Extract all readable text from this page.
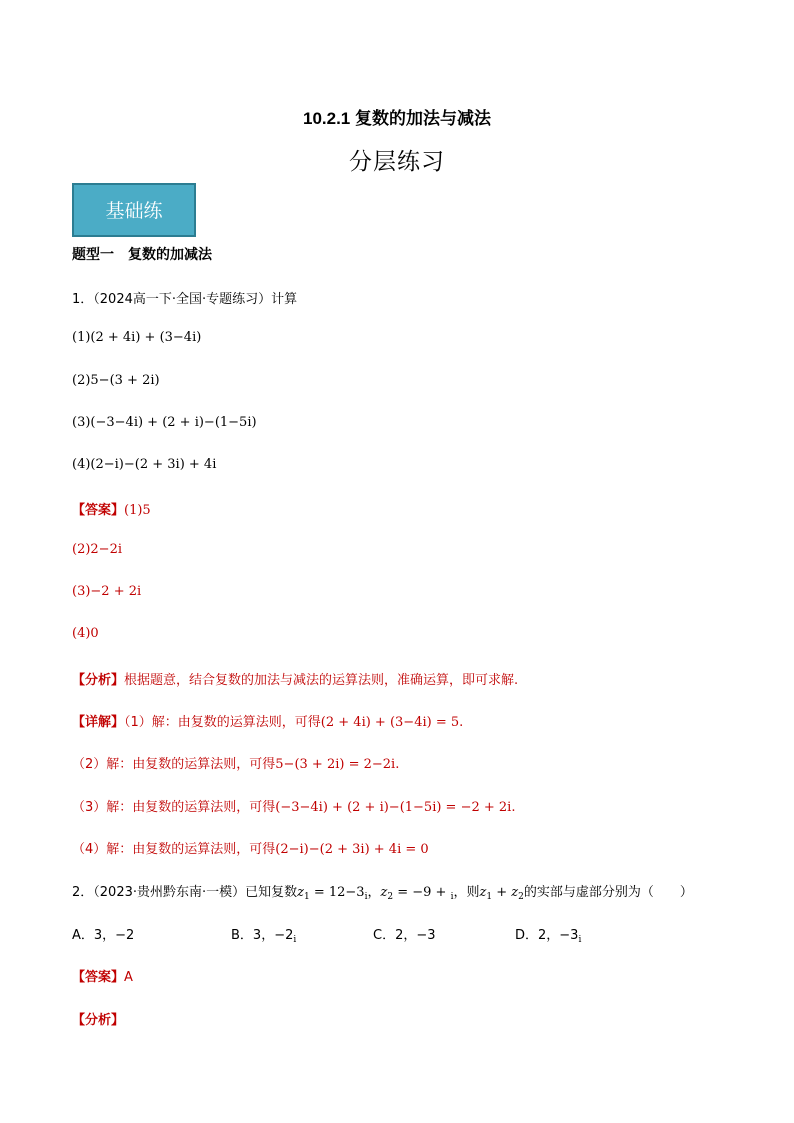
10.2.1 复数的加法与减法
分层练习
基础练
题型一　复数的加减法
1．（2024高一下·全国·专题练习）计算
(1)(2 + 4i) + (3−4i)
(2)5−(3 + 2i)
(3)(−3−4i) + (2 + i)−(1−5i)
(4)(2−i)−(2 + 3i) + 4i
【答案】(1)5
(2)2−2i
(3)−2 + 2i
(4)0
【分析】根据题意，结合复数的加法与减法的运算法则，准确运算，即可求解.
【详解】（1）解：由复数的运算法则，可得(2 + 4i) + (3−4i) = 5.
（2）解：由复数的运算法则，可得5−(3 + 2i) = 2−2i.
（3）解：由复数的运算法则，可得(−3−4i) + (2 + i)−(1−5i) = −2 + 2i.
（4）解：由复数的运算法则，可得(2−i)−(2 + 3i) + 4i = 0
2．（2023·贵州黔东南·一模）已知复数$z_1 = 12-3_i$，$z_2 = -9 + _i$，则$z_1 + z_2$的实部与虚部分别为（　　）
A．3，−2	B．3，$-2_i$	C．2，−3	D．2，$-3_i$
【答案】A
【分析】
